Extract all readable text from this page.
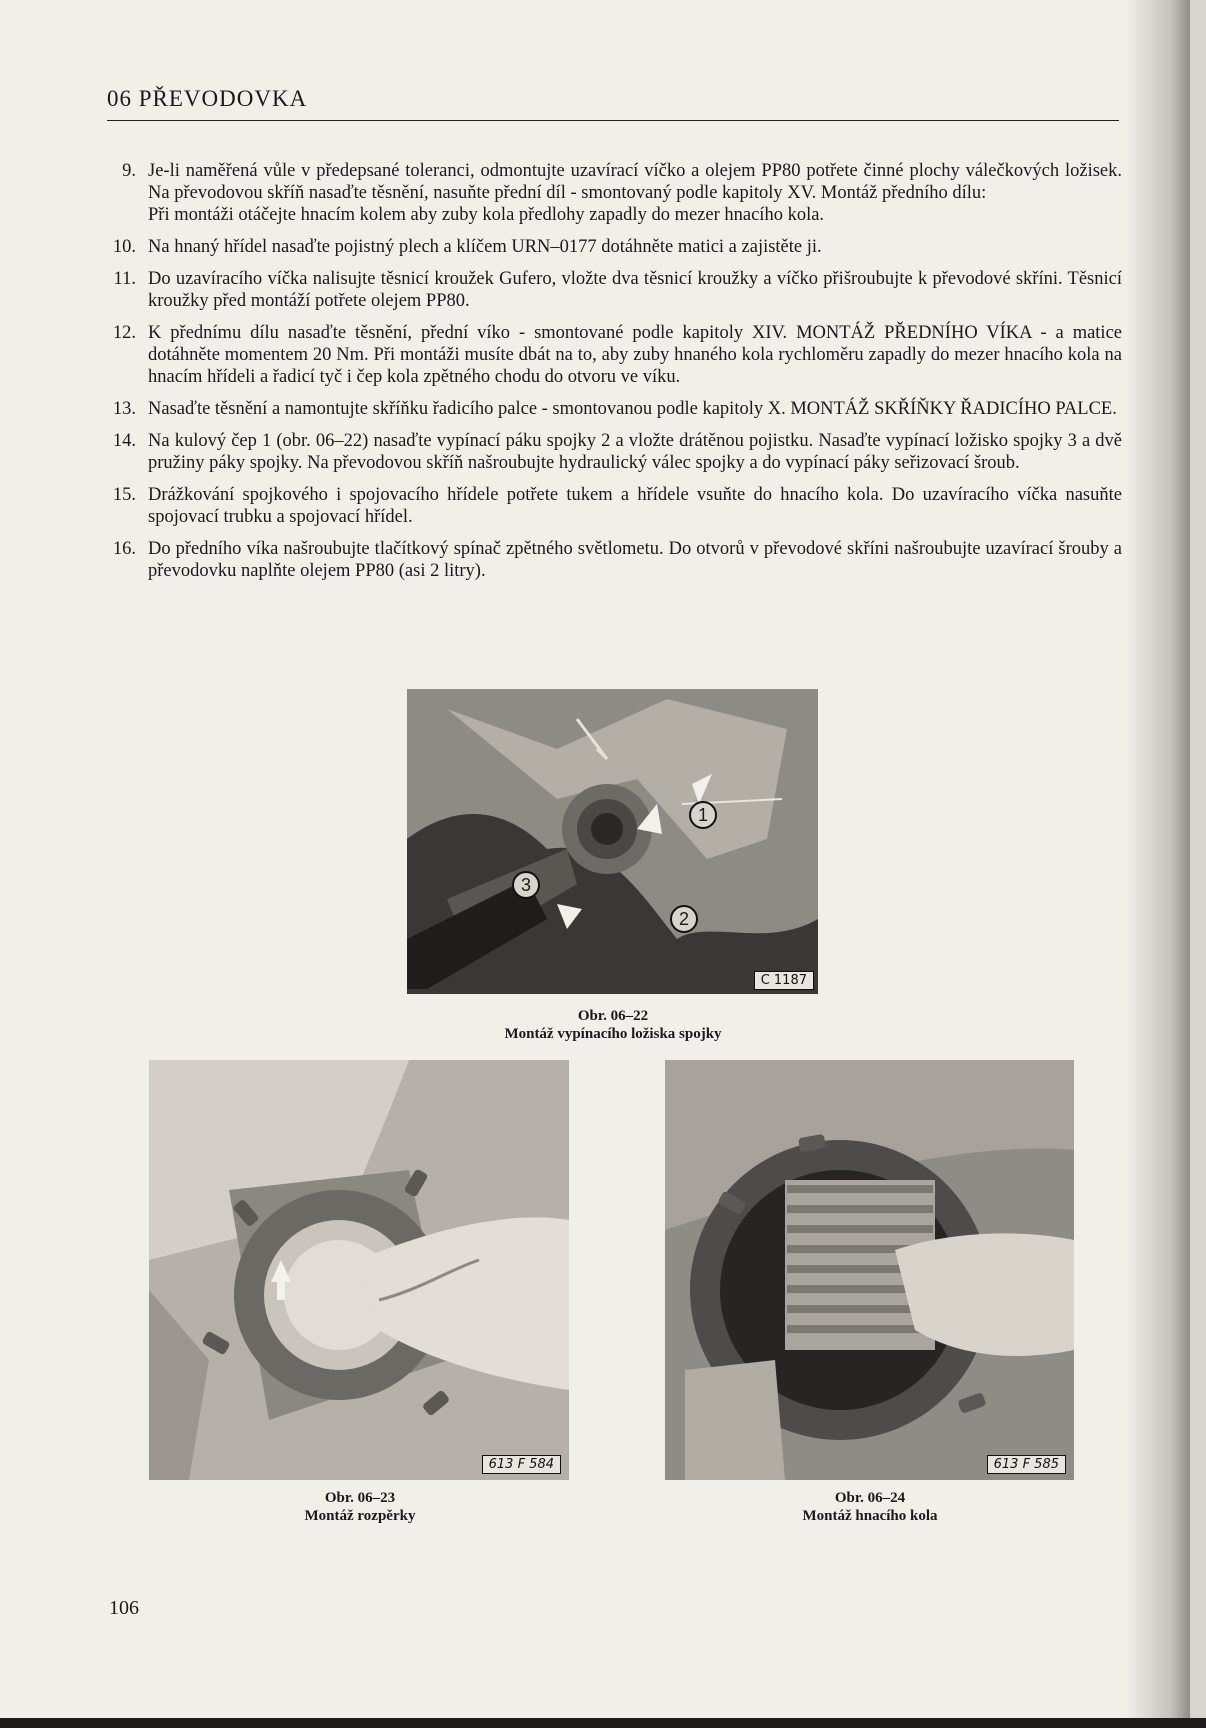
06 PŘEVODOVKA
9. Je-li naměřená vůle v předepsané toleranci, odmontujte uzavírací víčko a olejem PP80 potřete činné plochy válečkových ložisek. Na převodovou skříň nasaďte těsnění, nasuňte přední díl - smontovaný podle kapitoly XV. Montáž předního dílu:

Při montáži otáčejte hnacím kolem aby zuby kola předlohy zapadly do mezer hnacího kola.

10. Na hnaný hřídel nasaďte pojistný plech a klíčem URN–0177 dotáhněte matici a zajistěte ji.

11. Do uzavíracího víčka nalisujte těsnicí kroužek Gufero, vložte dva těsnicí kroužky a víčko přišroubujte k převodové skříni. Těsnicí kroužky před montáží potřete olejem PP80.

12. K přednímu dílu nasaďte těsnění, přední víko - smontované podle kapitoly XIV. MONTÁŽ PŘEDNÍHO VÍKA - a matice dotáhněte momentem 20 Nm. Při montáži musíte dbát na to, aby zuby hnaného kola rychloměru zapadly do mezer hnacího kola na hnacím hřídeli a řadicí tyč i čep kola zpětného chodu do otvoru ve víku.

13. Nasaďte těsnění a namontujte skříňku řadicího palce - smontovanou podle kapitoly X. MONTÁŽ SKŘÍŇKY ŘADICÍHO PALCE.

14. Na kulový čep 1 (obr. 06–22) nasaďte vypínací páku spojky 2 a vložte drátěnou pojistku. Nasaďte vypínací ložisko spojky 3 a dvě pružiny páky spojky. Na převodovou skříň našroubujte hydraulický válec spojky a do vypínací páky seřizovací šroub.

15. Drážkování spojkového i spojovacího hřídele potřete tukem a hřídele vsuňte do hnacího kola. Do uzavíracího víčka nasuňte spojovací trubku a spojovací hřídel.

16. Do předního víka našroubujte tlačítkový spínač zpětného světlometu. Do otvorů v převodové skříni našroubujte uzavírací šrouby a převodovku naplňte olejem PP80 (asi 2 litry).

1
2
3
C 1187
Obr. 06–22
Montáž vypínacího ložiska spojky
613 F 584
Obr. 06–23
Montáž rozpěrky
613 F 585
Obr. 06–24
Montáž hnacího kola
106
